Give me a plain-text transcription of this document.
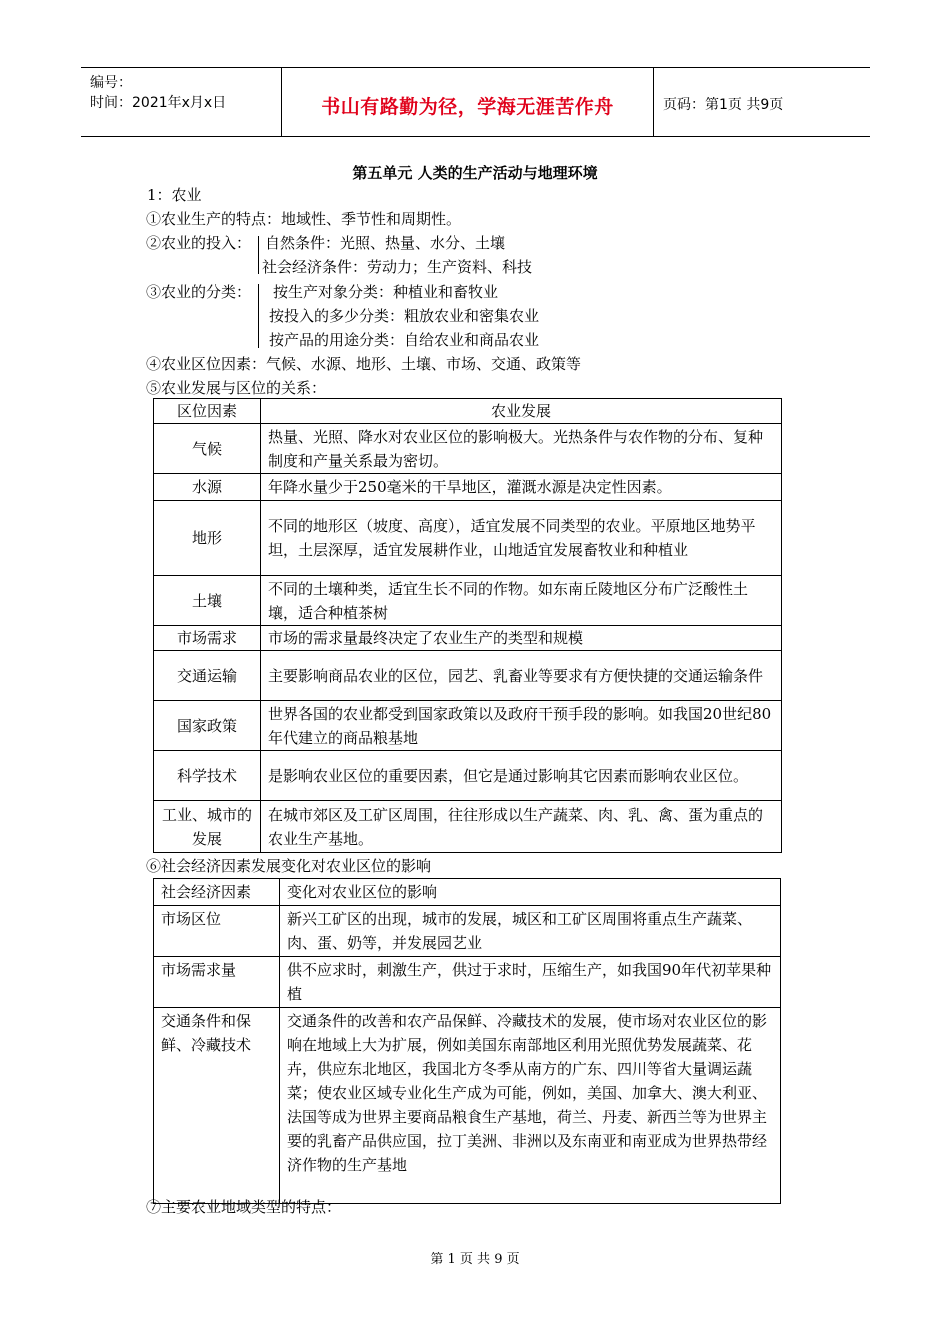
编号：
时间：2021年x月x日	书山有路勤为径，学海无涯苦作舟	页码：第1页 共9页
第五单元 人类的生产活动与地理环境
1：农业
①农业生产的特点：地域性、季节性和周期性。
②农业的投入： 自然条件：光照、热量、水分、土壤
社会经济条件：劳动力；生产资料、科技
③农业的分类： 按生产对象分类：种植业和畜牧业
按投入的多少分类：粗放农业和密集农业
按产品的用途分类：自给农业和商品农业
④农业区位因素：气候、水源、地形、土壤、市场、交通、政策等
⑤农业发展与区位的关系：
区位因素	农业发展
气候	热量、光照、降水对农业区位的影响极大。光热条件与农作物的分布、复种制度和产量关系最为密切。
水源	年降水量少于250毫米的干旱地区，灌溉水源是决定性因素。
地形	不同的地形区（坡度、高度），适宜发展不同类型的农业。平原地区地势平坦，土层深厚，适宜发展耕作业，山地适宜发展畜牧业和种植业
土壤	不同的土壤种类，适宜生长不同的作物。如东南丘陵地区分布广泛酸性土壤，适合种植茶树
市场需求	市场的需求量最终决定了农业生产的类型和规模
交通运输	主要影响商品农业的区位，园艺、乳畜业等要求有方便快捷的交通运输条件
国家政策	世界各国的农业都受到国家政策以及政府干预手段的影响。如我国20世纪80年代建立的商品粮基地
科学技术	是影响农业区位的重要因素，但它是通过影响其它因素而影响农业区位。
工业、城市的发展	在城市郊区及工矿区周围，往往形成以生产蔬菜、肉、乳、禽、蛋为重点的农业生产基地。
⑥社会经济因素发展变化对农业区位的影响
社会经济因素	变化对农业区位的影响
市场区位	新兴工矿区的出现，城市的发展，城区和工矿区周围将重点生产蔬菜、肉、蛋、奶等，并发展园艺业
市场需求量	供不应求时，刺激生产，供过于求时，压缩生产，如我国90年代初苹果种植
交通条件和保鲜、冷藏技术	交通条件的改善和农产品保鲜、冷藏技术的发展，使市场对农业区位的影响在地域上大为扩展，例如美国东南部地区利用光照优势发展蔬菜、花卉，供应东北地区，我国北方冬季从南方的广东、四川等省大量调运蔬菜；使农业区域专业化生产成为可能，例如，美国、加拿大、澳大利亚、法国等成为世界主要商品粮食生产基地，荷兰、丹麦、新西兰等为世界主要的乳畜产品供应国，拉丁美洲、非洲以及东南亚和南亚成为世界热带经济作物的生产基地
⑦主要农业地域类型的特点：
第 1 页 共 9 页
